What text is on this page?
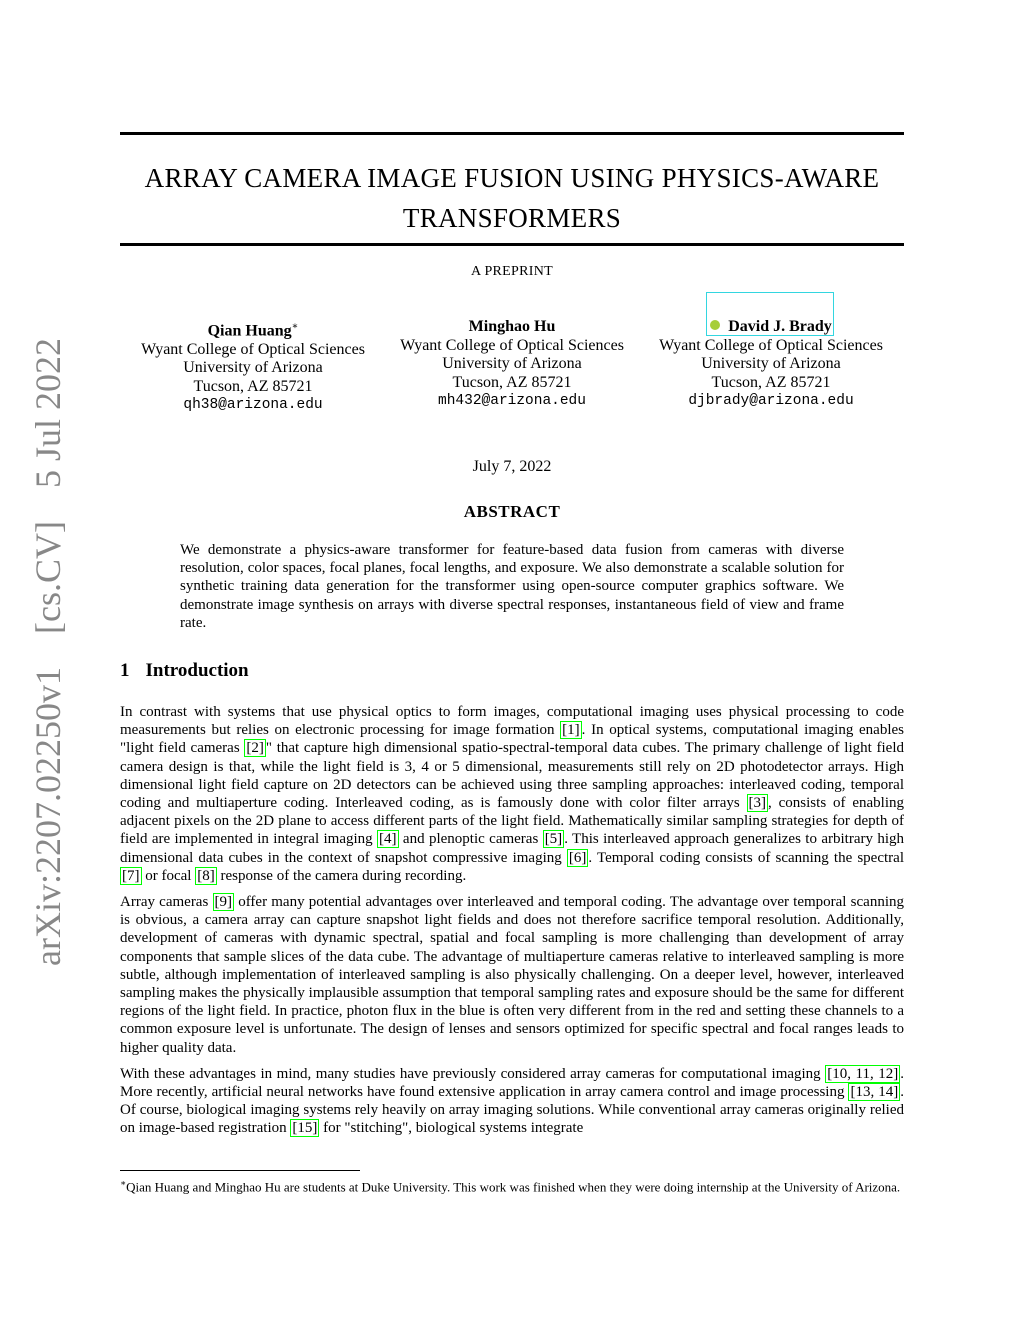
arXiv:2207.02250v1 [cs.CV] 5 Jul 2022
ARRAY CAMERA IMAGE FUSION USING PHYSICS-AWARE
TRANSFORMERS
A PREPRINT
Qian Huang∗
Wyant College of Optical Sciences
University of Arizona
Tucson, AZ 85721
qh38@arizona.edu
Minghao Hu
Wyant College of Optical Sciences
University of Arizona
Tucson, AZ 85721
mh432@arizona.edu
David J. Brady
Wyant College of Optical Sciences
University of Arizona
Tucson, AZ 85721
djbrady@arizona.edu
July 7, 2022
ABSTRACT
We demonstrate a physics-aware transformer for feature-based data fusion from cameras with diverse resolution, color spaces, focal planes, focal lengths, and exposure. We also demonstrate a scalable solution for synthetic training data generation for the transformer using open-source computer graphics software. We demonstrate image synthesis on arrays with diverse spectral responses, instantaneous field of view and frame rate.
1 Introduction

In contrast with systems that use physical optics to form images, computational imaging uses physical processing to code measurements but relies on electronic processing for image formation [1] . In optical systems, computational imaging enables "light field cameras [2] " that capture high dimensional spatio-spectral-temporal data cubes. The primary challenge of light field camera design is that, while the light field is 3, 4 or 5 dimensional, measurements still rely on 2D photodetector arrays. High dimensional light field capture on 2D detectors can be achieved using three sampling approaches: interleaved coding, temporal coding and multiaperture coding. Interleaved coding, as is famously done with color filter arrays [3] , consists of enabling adjacent pixels on the 2D plane to access different parts of the light field. Mathematically similar sampling strategies for depth of field are implemented in integral imaging [4] and plenoptic cameras [5] . This interleaved approach generalizes to arbitrary high dimensional data cubes in the context of snapshot compressive imaging [6] . Temporal coding consists of scanning the spectral [7] or focal [8] response of the camera during recording.

Array cameras [9] offer many potential advantages over interleaved and temporal coding. The advantage over temporal scanning is obvious, a camera array can capture snapshot light fields and does not therefore sacrifice temporal resolution. Additionally, development of cameras with dynamic spectral, spatial and focal sampling is more challenging than development of array components that sample slices of the data cube. The advantage of multiaperture cameras relative to interleaved sampling is more subtle, although implementation of interleaved sampling is also physically challenging. On a deeper level, however, interleaved sampling makes the physically implausible assumption that temporal sampling rates and exposure should be the same for different regions of the light field. In practice, photon flux in the blue is often very different from in the red and setting these channels to a common exposure level is unfortunate. The design of lenses and sensors optimized for specific spectral and focal ranges leads to higher quality data.

With these advantages in mind, many studies have previously considered array cameras for computational imaging [10, 11, 12] . More recently, artificial neural networks have found extensive application in array camera control and image processing [13, 14] . Of course, biological imaging systems rely heavily on array imaging solutions. While conventional array cameras originally relied on image-based registration [15] for "stitching", biological systems integrate

∗Qian Huang and Minghao Hu are students at Duke University. This work was finished when they were doing internship at the University of Arizona.
